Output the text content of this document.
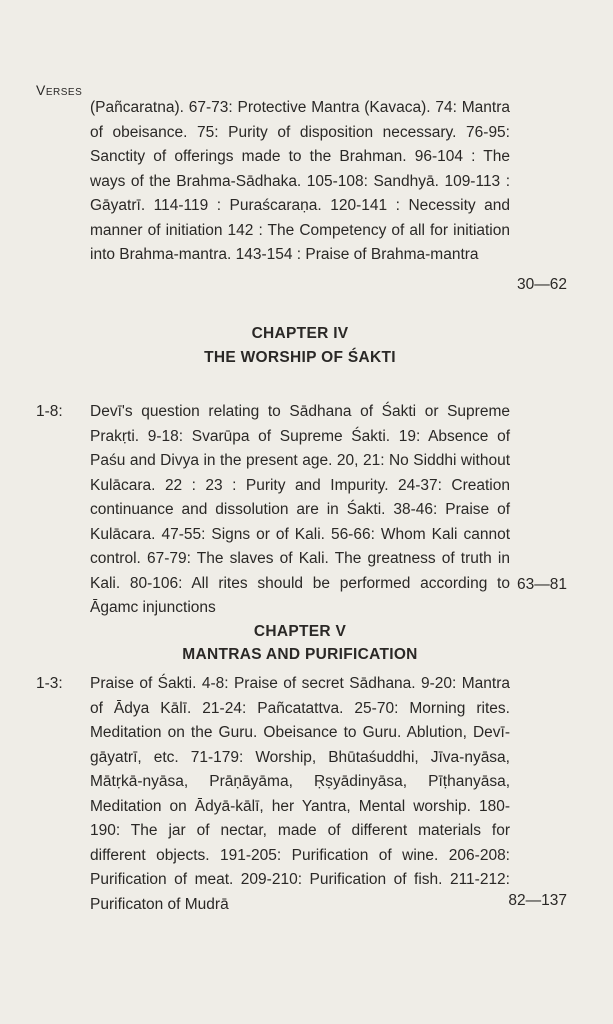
Verses
(Pañcaratna). 67-73: Protective Mantra (Kavaca). 74: Mantra of obeisance. 75: Purity of disposition necessary. 76-95: Sanctity of offerings made to the Brahman. 96-104 : The ways of the Brahma-Sādhaka. 105-108: Sandhyā. 109-113 : Gāyatrī. 114-119 : Puraścaraṇa. 120-141 : Necessity and manner of initiation 142 : The Competency of all for initiation into Brahma-mantra. 143-154 : Praise of Brahma-mantra
30—62
CHAPTER IV
THE WORSHIP OF ŚAKTI
1-8: Devī's question relating to Sādhana of Śakti or Supreme Prakṛti. 9-18: Svarūpa of Supreme Śakti. 19: Absence of Paśu and Divya in the present age. 20, 21: No Siddhi without Kulācara. 22 : 23 : Purity and Impurity. 24-37: Creation continuance and dissolution are in Śakti. 38-46: Praise of Kulācara. 47-55: Signs or of Kali. 56-66: Whom Kali cannot control. 67-79: The slaves of Kali. The greatness of truth in Kali. 80-106: All rites should be performed according to Āgamc injunctions
63—81
CHAPTER V
MANTRAS AND PURIFICATION
1-3: Praise of Śakti. 4-8: Praise of secret Sādhana. 9-20: Mantra of Ādya Kālī. 21-24: Pañcatattva. 25-70: Morning rites. Meditation on the Guru. Obeisance to Guru. Ablution, Devī-gāyatrī, etc. 71-179: Worship, Bhūtaśuddhi, Jīva-nyāsa, Mātṛkā-nyāsa, Prāṇāyāma, Ṛṣyādinyāsa, Pīṭhanyāsa, Meditation on Ādyā-kālī, her Yantra, Mental worship. 180-190: The jar of nectar, made of different materials for different objects. 191-205: Purification of wine. 206-208: Purification of meat. 209-210: Purification of fish. 211-212: Purificaton of Mudrā	82—137
